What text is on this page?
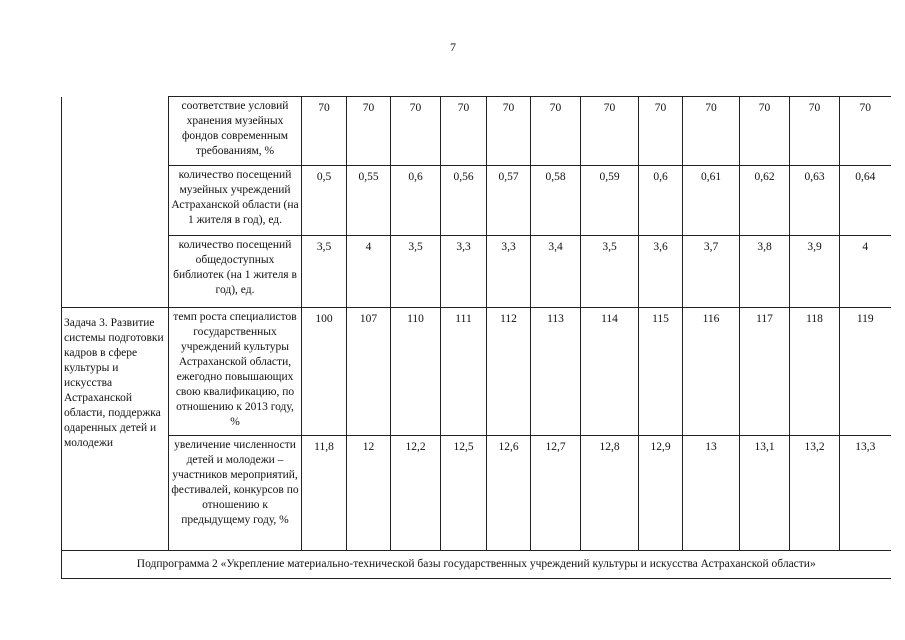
7
	соответствие условий хранения музейных фондов современным требованиям, %	70	70	70	70	70	70	70	70	70	70	70	70
	количество посещений музейных учреждений Астраханской области (на 1 жителя в год), ед.	0,5	0,55	0,6	0,56	0,57	0,58	0,59	0,6	0,61	0,62	0,63	0,64
	количество посещений общедоступных библиотек (на 1 жителя в год), ед.	3,5	4	3,5	3,3	3,3	3,4	3,5	3,6	3,7	3,8	3,9	4
Задача 3. Развитие системы подготовки кадров в сфере культуры и искусства Астраханской области, поддержка одаренных детей и молодежи	темп роста специалистов государственных учреждений культуры Астраханской области, ежегодно повышающих свою квалификацию, по отношению к 2013 году, %	100	107	110	111	112	113	114	115	116	117	118	119
	увеличение численности детей и молодежи – участников мероприятий, фестивалей, конкурсов по отношению к предыдущему году, %	11,8	12	12,2	12,5	12,6	12,7	12,8	12,9	13	13,1	13,2	13,3
Подпрограмма 2 «Укрепление материально-технической базы государственных учреждений культуры и искусства Астраханской области»													
